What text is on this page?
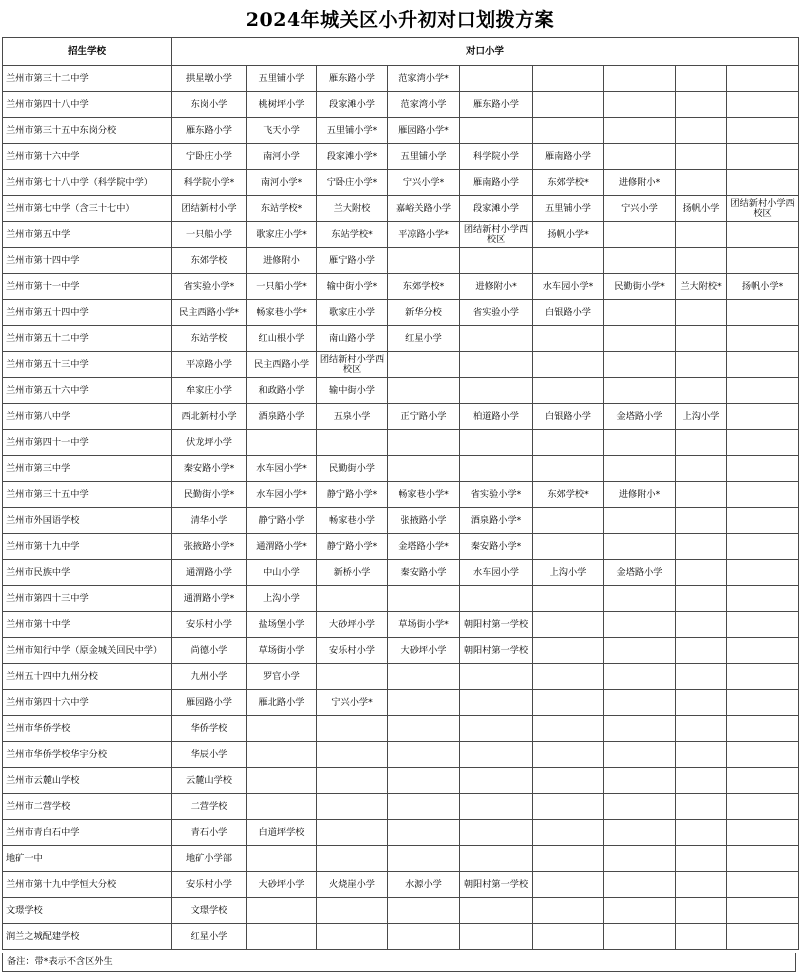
2024年城关区小升初对口划拨方案
招生学校	对口小学								
兰州市第三十二中学	拱星墩小学	五里铺小学	雁东路小学	范家湾小学*					
兰州市第四十八中学	东岗小学	桃树坪小学	段家滩小学	范家湾小学	雁东路小学				
兰州市第三十五中东岗分校	雁东路小学	飞天小学	五里铺小学*	雁园路小学*					
兰州市第十六中学	宁卧庄小学	南河小学	段家滩小学*	五里铺小学	科学院小学	雁南路小学			
兰州市第七十八中学（科学院中学）	科学院小学*	南河小学*	宁卧庄小学*	宁兴小学*	雁南路小学	东郊学校*	进修附小*		
兰州市第七中学（含三十七中）	团结新村小学	东站学校*	兰大附校	嘉峪关路小学	段家滩小学	五里铺小学	宁兴小学	扬帆小学	团结新村小学西校区
兰州市第五中学	一只船小学	歌家庄小学*	东站学校*	平凉路小学*	团结新村小学西校区	扬帆小学*			
兰州市第十四中学	东郊学校	进修附小	雁宁路小学						
兰州市第十一中学	省实验小学*	一只船小学*	输中街小学*	东郊学校*	进修附小*	水车园小学*	民勤街小学*	兰大附校*	扬帆小学*
兰州市第五十四中学	民主西路小学*	畅家巷小学*	歌家庄小学	新华分校	省实验小学	白银路小学			
兰州市第五十二中学	东站学校	红山根小学	南山路小学	红星小学					
兰州市第五十三中学	平凉路小学	民主西路小学	团结新村小学西校区						
兰州市第五十六中学	牟家庄小学	和政路小学	输中街小学						
兰州市第八中学	西北新村小学	酒泉路小学	五泉小学	正宁路小学	柏道路小学	白银路小学	金塔路小学	上沟小学	
兰州市第四十一中学	伏龙坪小学								
兰州市第三中学	秦安路小学*	水车园小学*	民勤街小学						
兰州市第三十五中学	民勤街小学*	水车园小学*	静宁路小学*	畅家巷小学*	省实验小学*	东郊学校*	进修附小*		
兰州市外国语学校	清华小学	静宁路小学	畅家巷小学	张掖路小学	酒泉路小学*				
兰州市第十九中学	张掖路小学*	通渭路小学*	静宁路小学*	金塔路小学*	秦安路小学*				
兰州市民族中学	通渭路小学	中山小学	新桥小学	秦安路小学	水车园小学	上沟小学	金塔路小学		
兰州市第四十三中学	通渭路小学*	上沟小学							
兰州市第十中学	安乐村小学	盐场堡小学	大砂坪小学	草场街小学*	朝阳村第一学校				
兰州市知行中学（原金城关回民中学）	尚德小学	草场街小学	安乐村小学	大砂坪小学	朝阳村第一学校				
兰州五十四中九州分校	九州小学	罗官小学							
兰州市第四十六中学	雁园路小学	雁北路小学	宁兴小学*						
兰州市华侨学校	华侨学校								
兰州市华侨学校华宇分校	华辰小学								
兰州市云麓山学校	云麓山学校								
兰州市二营学校	二营学校								
兰州市青白石中学	青石小学	白道坪学校							
地矿一中	地矿小学部								
兰州市第十九中学恒大分校	安乐村小学	大砂坪小学	火烧崖小学	水源小学	朝阳村第一学校				
文璟学校	文璟学校								
润兰之城配建学校	红星小学								
备注：带*表示不含区外生
